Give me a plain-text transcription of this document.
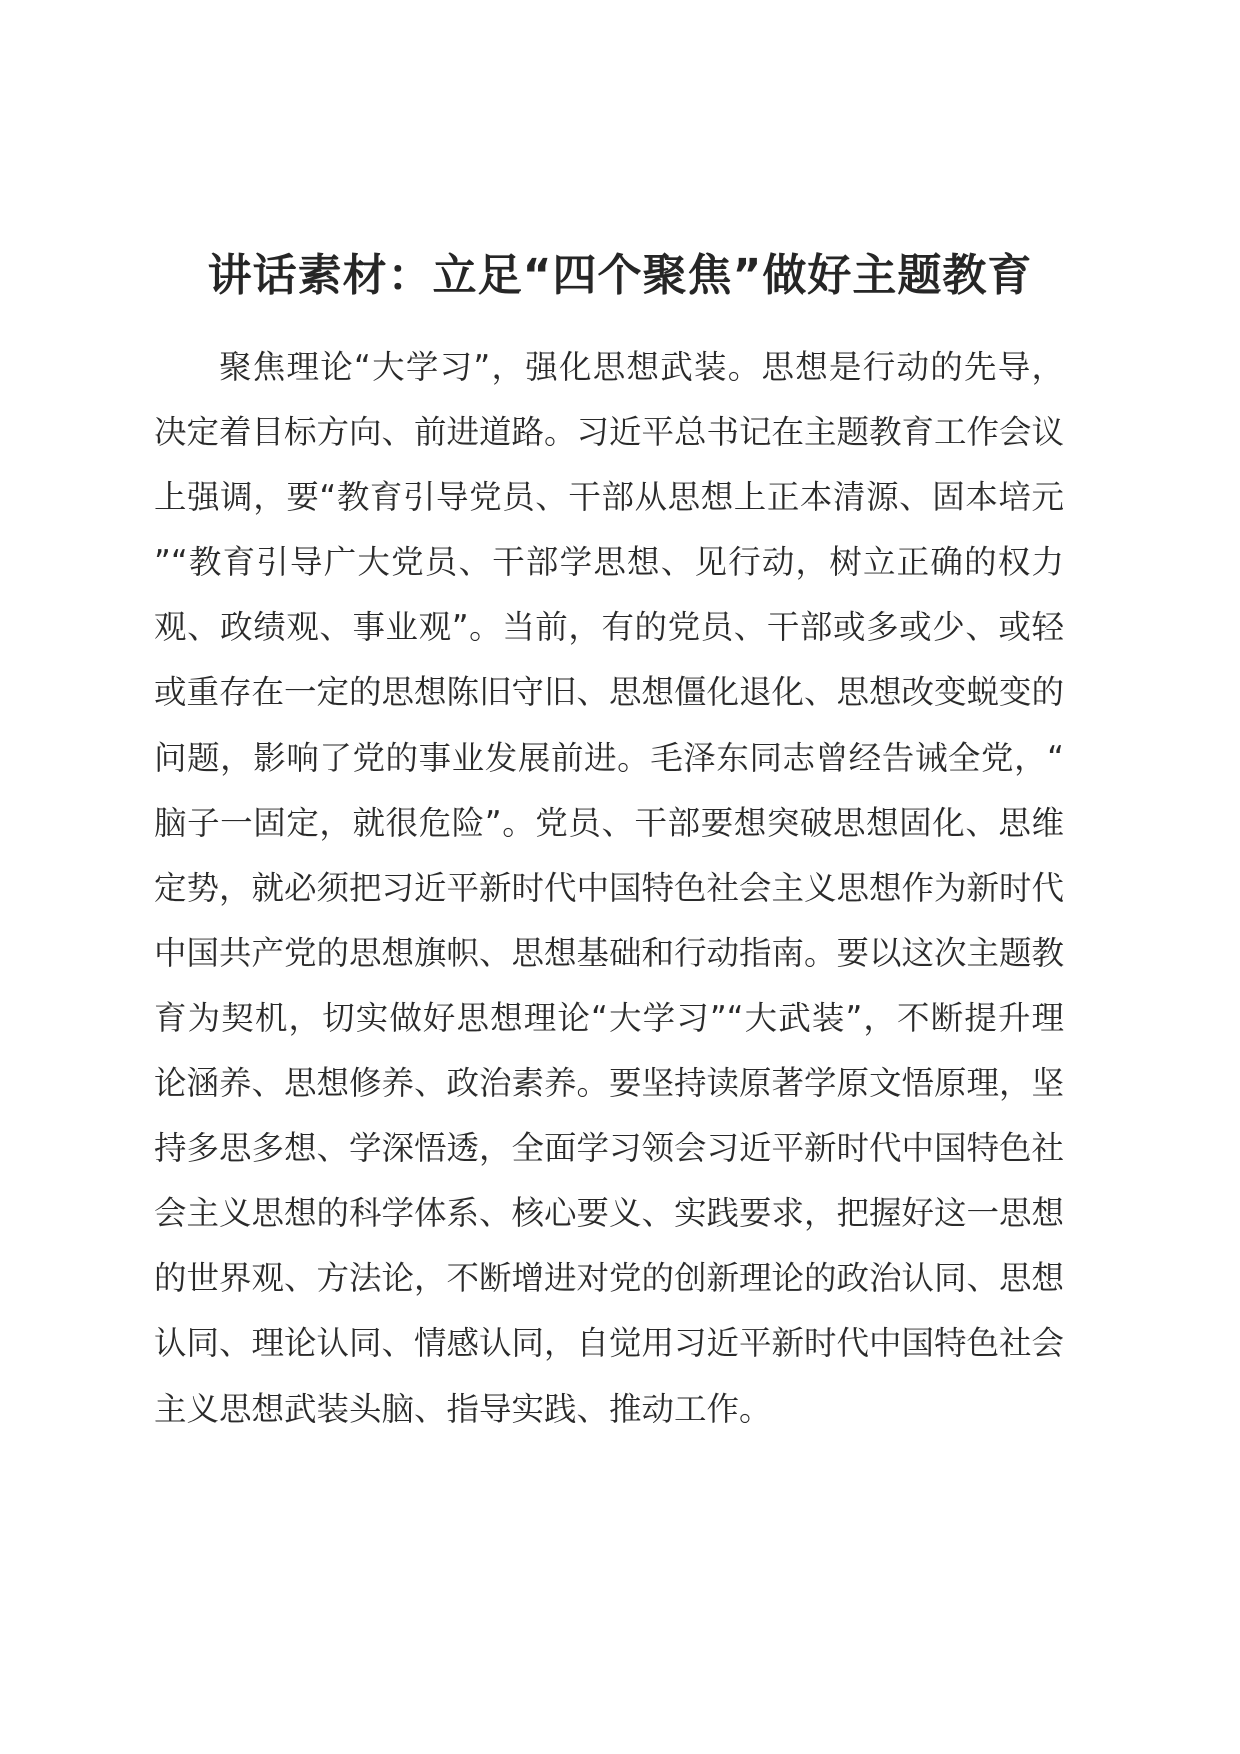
讲话素材：立足“四个聚焦”做好主题教育

聚焦理论“大学习”，强化思想武装。思想是行动的先导，决定着目标方向、前进道路。习近平总书记在主题教育工作会议上强调，要“教育引导党员、干部从思想上正本清源、固本培元”“教育引导广大党员、干部学思想、见行动，树立正确的权力观、政绩观、事业观”。当前，有的党员、干部或多或少、或轻或重存在一定的思想陈旧守旧、思想僵化退化、思想改变蜕变的问题，影响了党的事业发展前进。毛泽东同志曾经告诫全党，“脑子一固定，就很危险”。党员、干部要想突破思想固化、思维定势，就必须把习近平新时代中国特色社会主义思想作为新时代中国共产党的思想旗帜、思想基础和行动指南。要以这次主题教育为契机，切实做好思想理论“大学习”“大武装”，不断提升理论涵养、思想修养、政治素养。要坚持读原著学原文悟原理，坚持多思多想、学深悟透，全面学习领会习近平新时代中国特色社会主义思想的科学体系、核心要义、实践要求，把握好这一思想的世界观、方法论，不断增进对党的创新理论的政治认同、思想认同、理论认同、情感认同，自觉用习近平新时代中国特色社会主义思想武装头脑、指导实践、推动工作。
